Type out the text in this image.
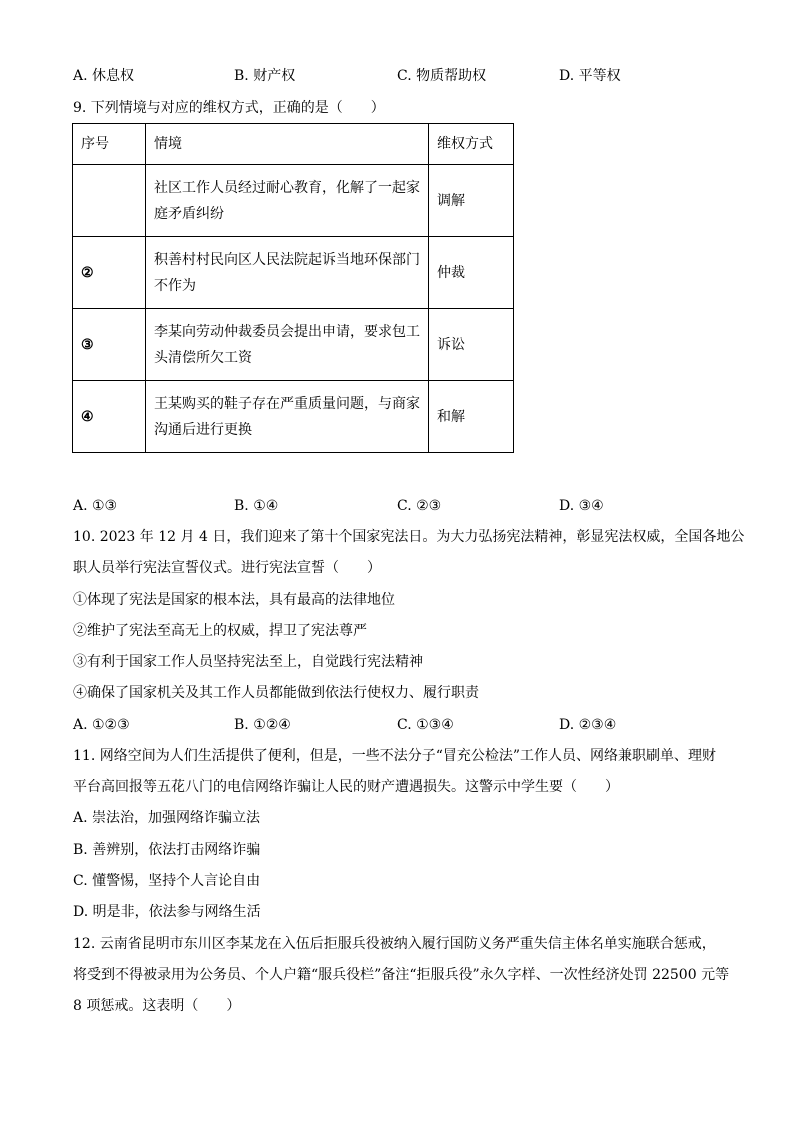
A. 休息权	B. 财产权	C. 物质帮助权	D. 平等权
9. 下列情境与对应的维权方式，正确的是（　　）
序号	情境	维权方式

	社区工作人员经过耐心教育，化解了一起家
庭矛盾纠纷	调解
②	积善村村民向区人民法院起诉当地环保部门
不作为	仲裁
③	李某向劳动仲裁委员会提出申请，要求包工
头清偿所欠工资	诉讼
④	王某购买的鞋子存在严重质量问题，与商家
沟通后进行更换	和解
A. ①③	B. ①④	C. ②③	D. ③④
10. 2023 年 12 月 4 日，我们迎来了第十个国家宪法日。为大力弘扬宪法精神，彰显宪法权威，全国各地公
职人员举行宪法宣誓仪式。进行宪法宣誓（　　）
①体现了宪法是国家的根本法，具有最高的法律地位
②维护了宪法至高无上的权威，捍卫了宪法尊严
③有利于国家工作人员坚持宪法至上，自觉践行宪法精神
④确保了国家机关及其工作人员都能做到依法行使权力、履行职责
A. ①②③	B. ①②④	C. ①③④	D. ②③④
11. 网络空间为人们生活提供了便利，但是，一些不法分子“冒充公检法”工作人员、网络兼职刷单、理财
平台高回报等五花八门的电信网络诈骗让人民的财产遭遇损失。这警示中学生要（　　）
A. 崇法治，加强网络诈骗立法
B. 善辨别，依法打击网络诈骗
C. 懂警惕，坚持个人言论自由
D. 明是非，依法参与网络生活
12. 云南省昆明市东川区李某龙在入伍后拒服兵役被纳入履行国防义务严重失信主体名单实施联合惩戒，
将受到不得被录用为公务员、个人户籍“服兵役栏”备注“拒服兵役”永久字样、一次性经济处罚 22500 元等
8 项惩戒。这表明（　　）
